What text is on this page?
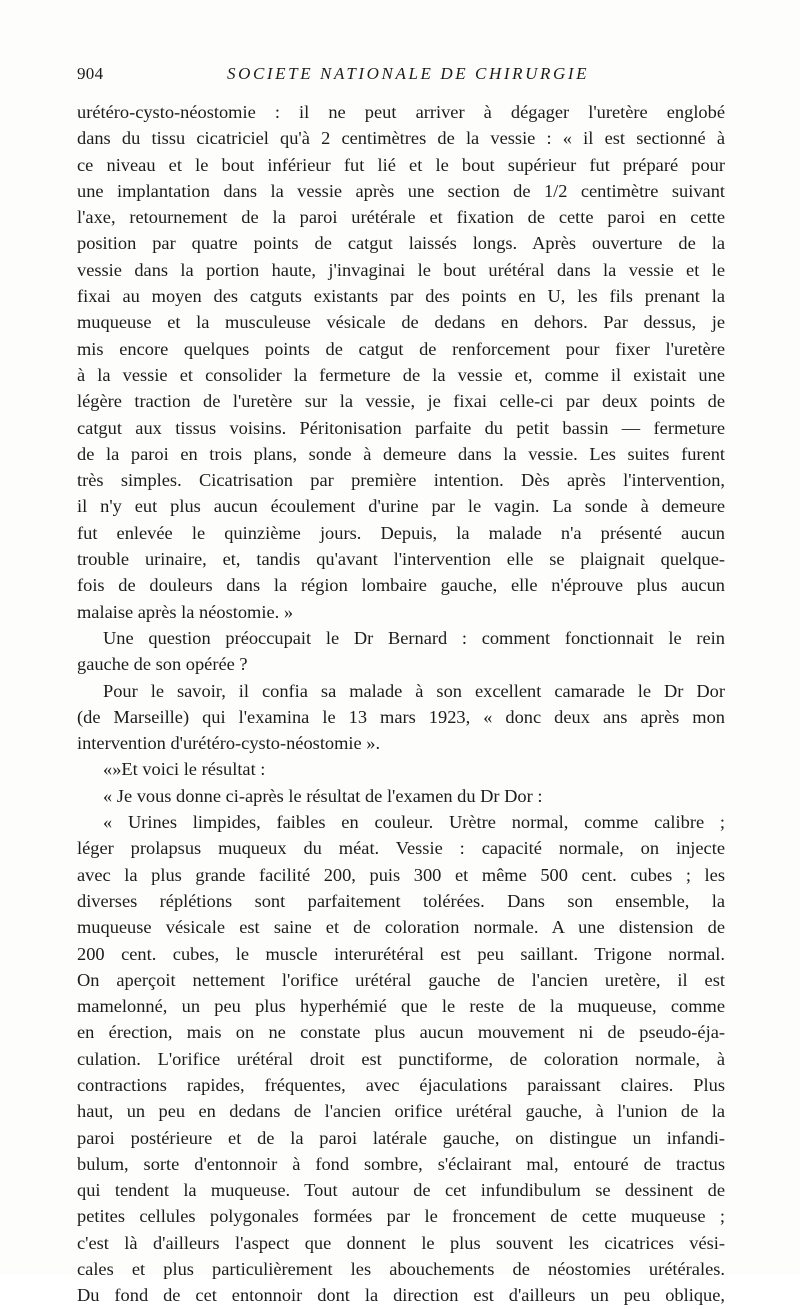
904	SOCIETE NATIONALE DE CHIRURGIE
urétéro-cysto-néostomie : il ne peut arriver à dégager l'uretère englobé
dans du tissu cicatriciel qu'à 2 centimètres de la vessie : « il est sectionné à
ce niveau et le bout inférieur fut lié et le bout supérieur fut préparé pour
une implantation dans la vessie après une section de 1/2 centimètre suivant
l'axe, retournement de la paroi urétérale et fixation de cette paroi en cette
position par quatre points de catgut laissés longs. Après ouverture de la
vessie dans la portion haute, j'invaginai le bout urétéral dans la vessie et le
fixai au moyen des catguts existants par des points en U, les fils prenant la
muqueuse et la musculeuse vésicale de dedans en dehors. Par dessus, je
mis encore quelques points de catgut de renforcement pour fixer l'uretère
à la vessie et consolider la fermeture de la vessie et, comme il existait une
légère traction de l'uretère sur la vessie, je fixai celle-ci par deux points de
catgut aux tissus voisins. Péritonisation parfaite du petit bassin — fermeture
de la paroi en trois plans, sonde à demeure dans la vessie. Les suites furent
très simples. Cicatrisation par première intention. Dès après l'intervention,
il n'y eut plus aucun écoulement d'urine par le vagin. La sonde à demeure
fut enlevée le quinzième jours. Depuis, la malade n'a présenté aucun
trouble urinaire, et, tandis qu'avant l'intervention elle se plaignait quelque-
fois de douleurs dans la région lombaire gauche, elle n'éprouve plus aucun
malaise après la néostomie. »
Une question préoccupait le Dr Bernard : comment fonctionnait le rein
gauche de son opérée ?
Pour le savoir, il confia sa malade à son excellent camarade le Dr Dor
(de Marseille) qui l'examina le 13 mars 1923, « donc deux ans après mon
intervention d'urétéro-cysto-néostomie ».
«»Et voici le résultat :
« Je vous donne ci-après le résultat de l'examen du Dr Dor :
« Urines limpides, faibles en couleur. Urètre normal, comme calibre ;
léger prolapsus muqueux du méat. Vessie : capacité normale, on injecte
avec la plus grande facilité 200, puis 300 et même 500 cent. cubes ; les
diverses réplétions sont parfaitement tolérées. Dans son ensemble, la
muqueuse vésicale est saine et de coloration normale. A une distension de
200 cent. cubes, le muscle interurétéral est peu saillant. Trigone normal.
On aperçoit nettement l'orifice urétéral gauche de l'ancien uretère, il est
mamelonné, un peu plus hyperhémié que le reste de la muqueuse, comme
en érection, mais on ne constate plus aucun mouvement ni de pseudo-éja-
culation. L'orifice urétéral droit est punctiforme, de coloration normale, à
contractions rapides, fréquentes, avec éjaculations paraissant claires. Plus
haut, un peu en dedans de l'ancien orifice urétéral gauche, à l'union de la
paroi postérieure et de la paroi latérale gauche, on distingue un infandi-
bulum, sorte d'entonnoir à fond sombre, s'éclairant mal, entouré de tractus
qui tendent la muqueuse. Tout autour de cet infundibulum se dessinent de
petites cellules polygonales formées par le froncement de cette muqueuse ;
c'est là d'ailleurs l'aspect que donnent le plus souvent les cicatrices vési-
cales et plus particulièrement les abouchements de néostomies urétérales.
Du fond de cet entonnoir dont la direction est d'ailleurs un peu oblique,
